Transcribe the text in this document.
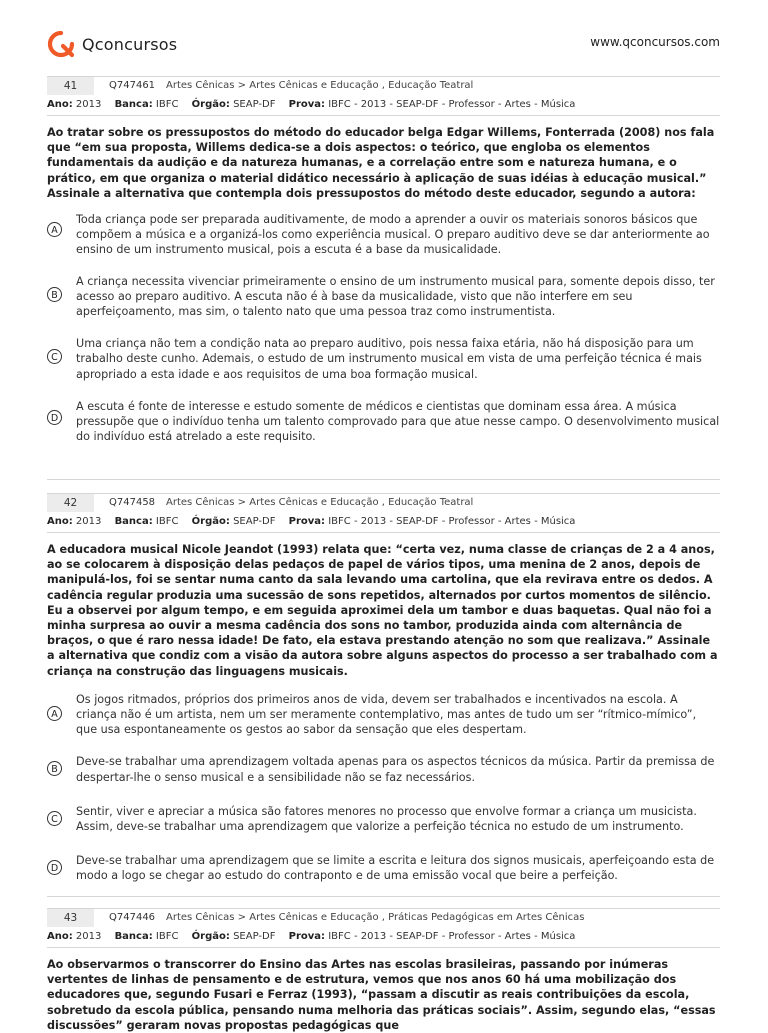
Qconcursos	www.qconcursos.com
41	Q747461 Artes Cênicas > Artes Cênicas e Educação , Educação Teatral
Ano: 2013 Banca: IBFC Órgão: SEAP-DF Prova: IBFC - 2013 - SEAP-DF - Professor - Artes - Música
Ao tratar sobre os pressupostos do método do educador belga Edgar Willems, Fonterrada (2008) nos fala que “em sua proposta, Willems dedica-se a dois aspectos: o teórico, que engloba os elementos fundamentais da audição e da natureza humanas, e a correlação entre som e natureza humana, e o prático, em que organiza o material didático necessário à aplicação de suas idéias à educação musical.” Assinale a alternativa que contempla dois pressupostos do método deste educador, segundo a autora:
A
Toda criança pode ser preparada auditivamente, de modo a aprender a ouvir os materiais sonoros básicos que compõem a música e a organizá-los como experiência musical. O preparo auditivo deve se dar anteriormente ao ensino de um instrumento musical, pois a escuta é a base da musicalidade.
B
A criança necessita vivenciar primeiramente o ensino de um instrumento musical para, somente depois disso, ter acesso ao preparo auditivo. A escuta não é à base da musicalidade, visto que não interfere em seu aperfeiçoamento, mas sim, o talento nato que uma pessoa traz como instrumentista.
C
Uma criança não tem a condição nata ao preparo auditivo, pois nessa faixa etária, não há disposição para um trabalho deste cunho. Ademais, o estudo de um instrumento musical em vista de uma perfeição técnica é mais apropriado a esta idade e aos requisitos de uma boa formação musical.
D
A escuta é fonte de interesse e estudo somente de médicos e cientistas que dominam essa área. A música pressupõe que o indivíduo tenha um talento comprovado para que atue nesse campo. O desenvolvimento musical do indivíduo está atrelado a este requisito.
42	Q747458 Artes Cênicas > Artes Cênicas e Educação , Educação Teatral
Ano: 2013 Banca: IBFC Órgão: SEAP-DF Prova: IBFC - 2013 - SEAP-DF - Professor - Artes - Música
A educadora musical Nicole Jeandot (1993) relata que: “certa vez, numa classe de crianças de 2 a 4 anos, ao se colocarem à disposição delas pedaços de papel de vários tipos, uma menina de 2 anos, depois de manipulá-los, foi se sentar numa canto da sala levando uma cartolina, que ela revirava entre os dedos. A cadência regular produzia uma sucessão de sons repetidos, alternados por curtos momentos de silêncio. Eu a observei por algum tempo, e em seguida aproximei dela um tambor e duas baquetas. Qual não foi a minha surpresa ao ouvir a mesma cadência dos sons no tambor, produzida ainda com alternância de braços, o que é raro nessa idade! De fato, ela estava prestando atenção no som que realizava.” Assinale a alternativa que condiz com a visão da autora sobre alguns aspectos do processo a ser trabalhado com a criança na construção das linguagens musicais.
A
Os jogos ritmados, próprios dos primeiros anos de vida, devem ser trabalhados e incentivados na escola. A criança não é um artista, nem um ser meramente contemplativo, mas antes de tudo um ser “rítmico-mímico”, que usa espontaneamente os gestos ao sabor da sensação que eles despertam.
B
Deve-se trabalhar uma aprendizagem voltada apenas para os aspectos técnicos da música. Partir da premissa de despertar-lhe o senso musical e a sensibilidade não se faz necessários.
C
Sentir, viver e apreciar a música são fatores menores no processo que envolve formar a criança um musicista. Assim, deve-se trabalhar uma aprendizagem que valorize a perfeição técnica no estudo de um instrumento.
D
Deve-se trabalhar uma aprendizagem que se limite a escrita e leitura dos signos musicais, aperfeiçoando esta de modo a logo se chegar ao estudo do contraponto e de uma emissão vocal que beire a perfeição.
43	Q747446 Artes Cênicas > Artes Cênicas e Educação , Práticas Pedagógicas em Artes Cênicas
Ano: 2013 Banca: IBFC Órgão: SEAP-DF Prova: IBFC - 2013 - SEAP-DF - Professor - Artes - Música
Ao observarmos o transcorrer do Ensino das Artes nas escolas brasileiras, passando por inúmeras vertentes de linhas de pensamento e de estrutura, vemos que nos anos 60 há uma mobilização dos educadores que, segundo Fusari e Ferraz (1993), “passam a discutir as reais contribuições da escola, sobretudo da escola pública, pensando numa melhoria das práticas sociais”. Assim, segundo elas, “essas discussões” geraram novas propostas pedagógicas que
